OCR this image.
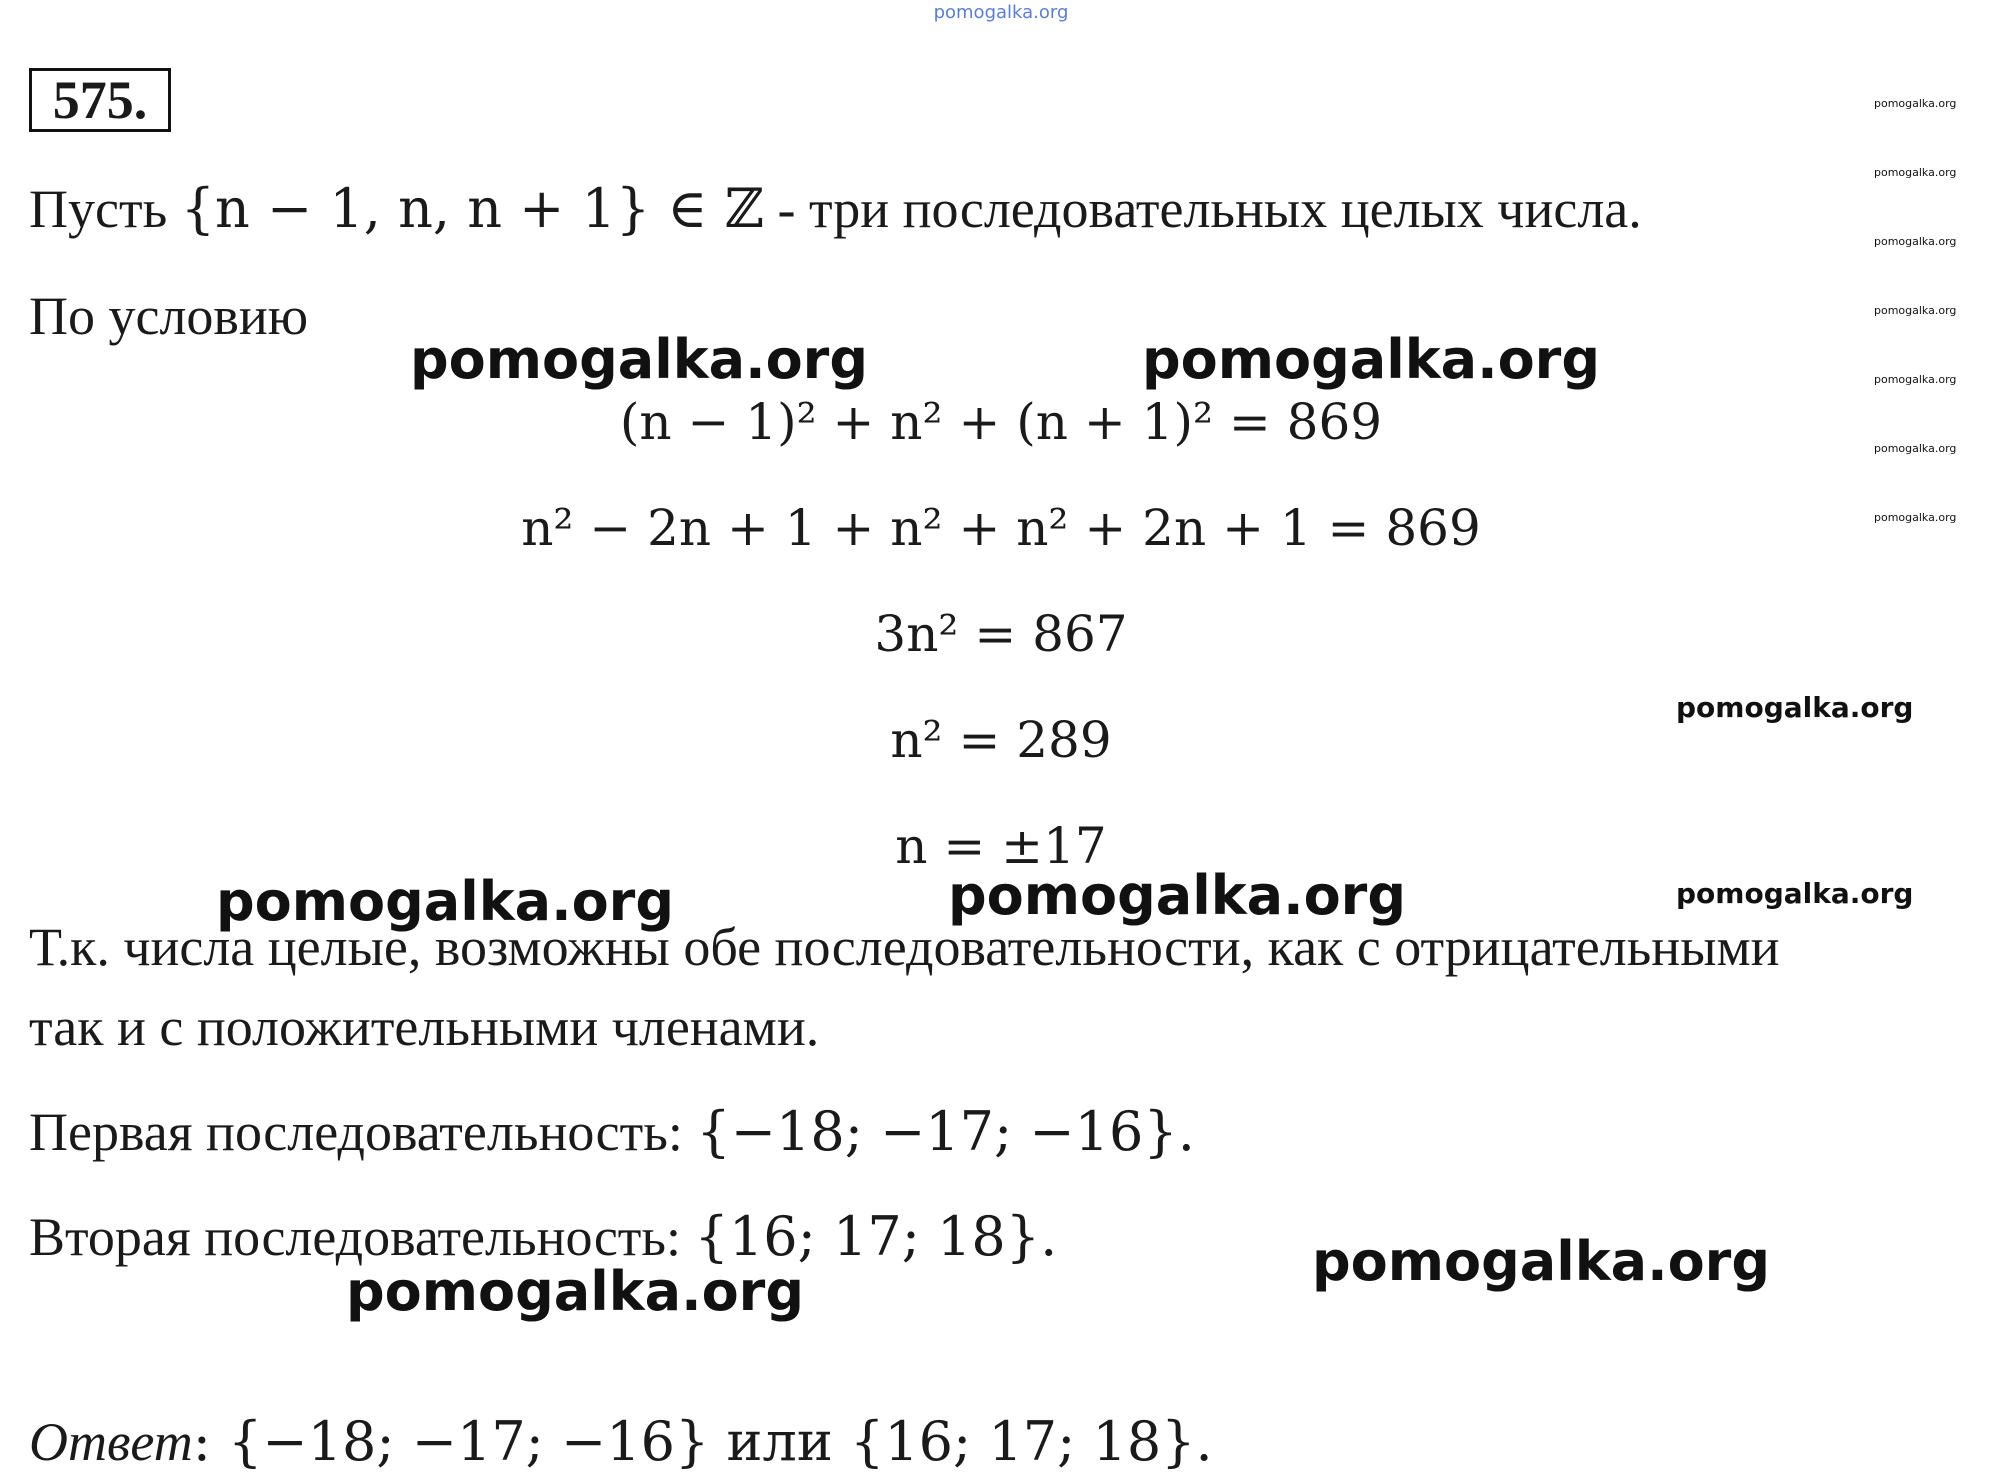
pomogalka.org
575.
Пусть {n − 1, n, n + 1} ∈ ℤ - три последовательных целых числа.
По условию
(n − 1)² + n² + (n + 1)² = 869
n² − 2n + 1 + n² + n² + 2n + 1 = 869
3n² = 867
n² = 289
n = ±17
Т.к. числа целые, возможны обе последовательности, как с отрицательными
так и с положительными членами.
Первая последовательность: {−18; −17; −16}.
Вторая последовательность: {16; 17; 18}.
Ответ: {−18; −17; −16} или {16; 17; 18}.
pomogalka.org	pomogalka.org
pomogalka.org	pomogalka.org
pomogalka.org
pomogalka.org
pomogalka.org
pomogalka.org
pomogalka.org
pomogalka.org
pomogalka.org
pomogalka.org
pomogalka.org
pomogalka.org
pomogalka.org
